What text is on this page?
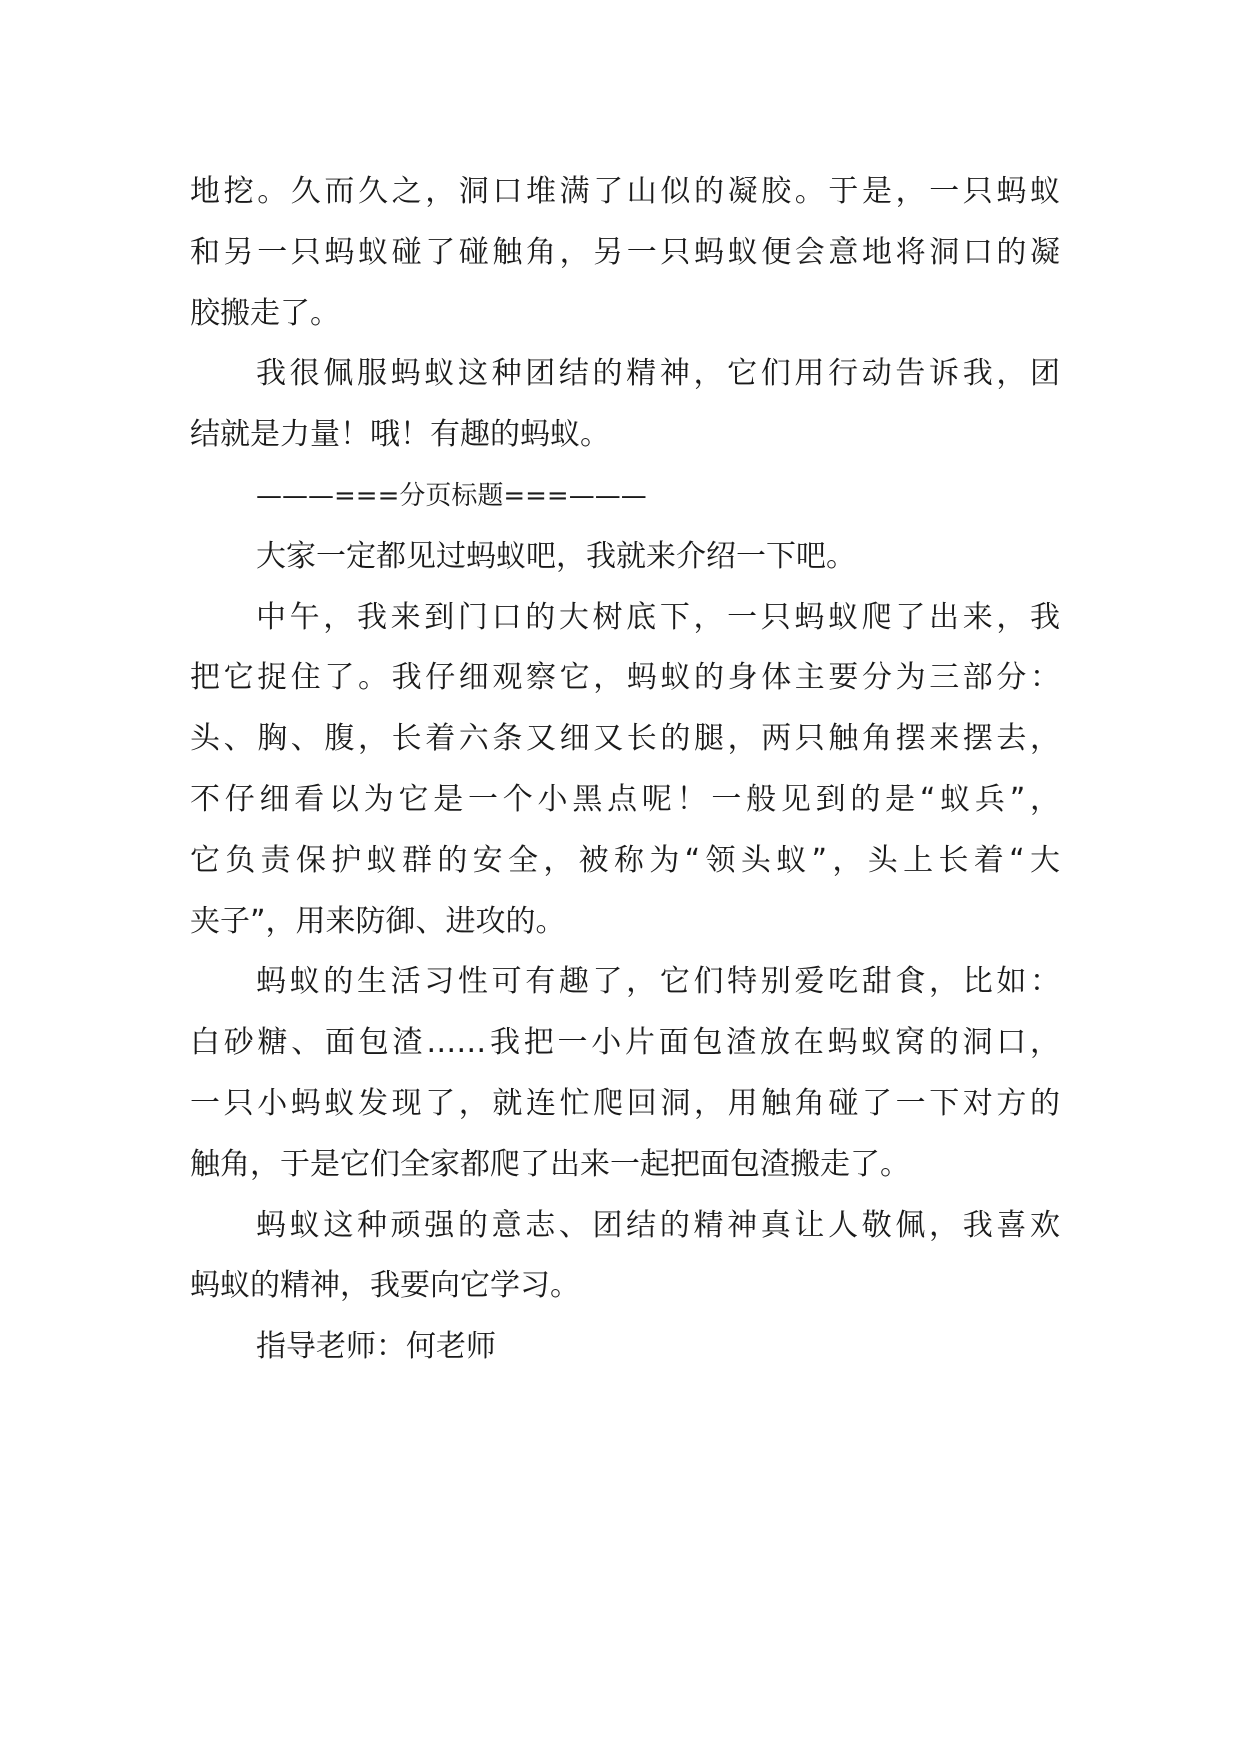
地挖。久而久之，洞口堆满了山似的凝胶。于是，一只蚂蚁
和另一只蚂蚁碰了碰触角，另一只蚂蚁便会意地将洞口的凝
胶搬走了。
我很佩服蚂蚁这种团结的精神，它们用行动告诉我，团
结就是力量！哦！有趣的蚂蚁。
———===分页标题===———
大家一定都见过蚂蚁吧，我就来介绍一下吧。
中午，我来到门口的大树底下，一只蚂蚁爬了出来，我
把它捉住了。我仔细观察它，蚂蚁的身体主要分为三部分：
头、胸、腹，长着六条又细又长的腿，两只触角摆来摆去，
不仔细看以为它是一个小黑点呢！一般见到的是“蚁兵”，
它负责保护蚁群的安全，被称为“领头蚁”，头上长着“大
夹子”，用来防御、进攻的。
蚂蚁的生活习性可有趣了，它们特别爱吃甜食，比如：
白砂糖、面包渣……我把一小片面包渣放在蚂蚁窝的洞口，
一只小蚂蚁发现了，就连忙爬回洞，用触角碰了一下对方的
触角，于是它们全家都爬了出来一起把面包渣搬走了。
蚂蚁这种顽强的意志、团结的精神真让人敬佩，我喜欢
蚂蚁的精神，我要向它学习。
指导老师：何老师
